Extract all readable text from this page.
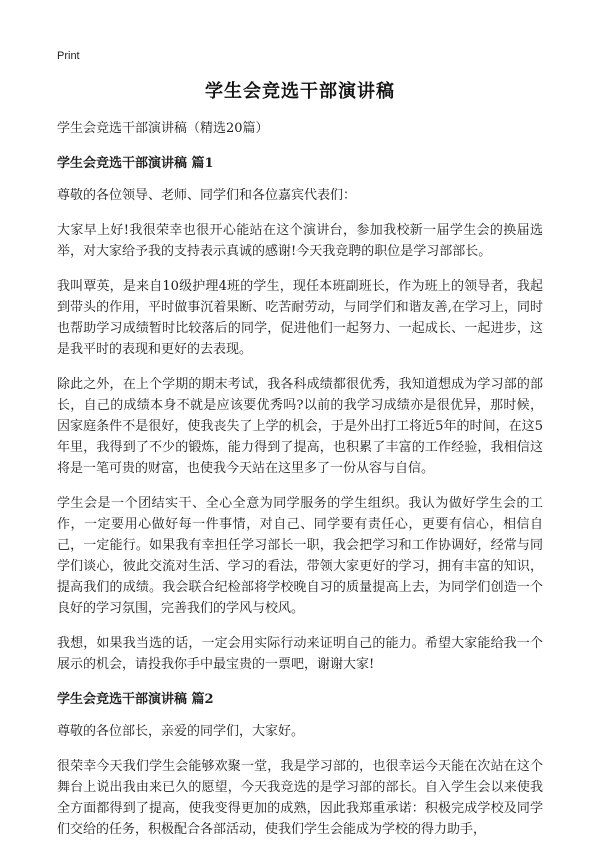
Print
学生会竞选干部演讲稿

学生会竞选干部演讲稿（精选20篇）

学生会竞选干部演讲稿 篇1

尊敬的各位领导、老师、同学们和各位嘉宾代表们：

大家早上好!我很荣幸也很开心能站在这个演讲台，参加我校新一届学生会的换届选举，对大家给予我的支持表示真诚的感谢!今天我竞聘的职位是学习部部长。

我叫覃英，是来自10级护理4班的学生，现任本班副班长，作为班上的领导者，我起到带头的作用，平时做事沉着果断、吃苦耐劳动，与同学们和谐友善,在学习上，同时也帮助学习成绩暂时比较落后的同学，促进他们一起努力、一起成长、一起进步，这是我平时的表现和更好的去表现。

除此之外，在上个学期的期末考试，我各科成绩都很优秀，我知道想成为学习部的部长，自己的成绩本身不就是应该要优秀吗?以前的我学习成绩亦是很优异，那时候，因家庭条件不是很好，使我丧失了上学的机会，于是外出打工将近5年的时间，在这5年里，我得到了不少的锻炼，能力得到了提高，也积累了丰富的工作经验，我相信这将是一笔可贵的财富，也使我今天站在这里多了一份从容与自信。

学生会是一个团结实干、全心全意为同学服务的学生组织。我认为做好学生会的工作，一定要用心做好每一件事情，对自己、同学要有责任心，更要有信心，相信自己，一定能行。如果我有幸担任学习部长一职，我会把学习和工作协调好，经常与同学们谈心，彼此交流对生活、学习的看法，带领大家更好的学习，拥有丰富的知识，提高我们的成绩。我会联合纪检部将学校晚自习的质量提高上去，为同学们创造一个良好的学习氛围，完善我们的学风与校风。

我想，如果我当选的话，一定会用实际行动来证明自己的能力。希望大家能给我一个展示的机会，请投我你手中最宝贵的一票吧，谢谢大家!

学生会竞选干部演讲稿 篇2

尊敬的各位部长，亲爱的同学们，大家好。

很荣幸今天我们学生会能够欢聚一堂，我是学习部的，也很幸运今天能在次站在这个舞台上说出我由来已久的愿望，今天我竞选的是学习部的部长。自入学生会以来使我全方面都得到了提高，使我变得更加的成熟，因此我郑重承诺：积极完成学校及同学们交给的任务，积极配合各部活动，使我们学生会能成为学校的得力助手，
